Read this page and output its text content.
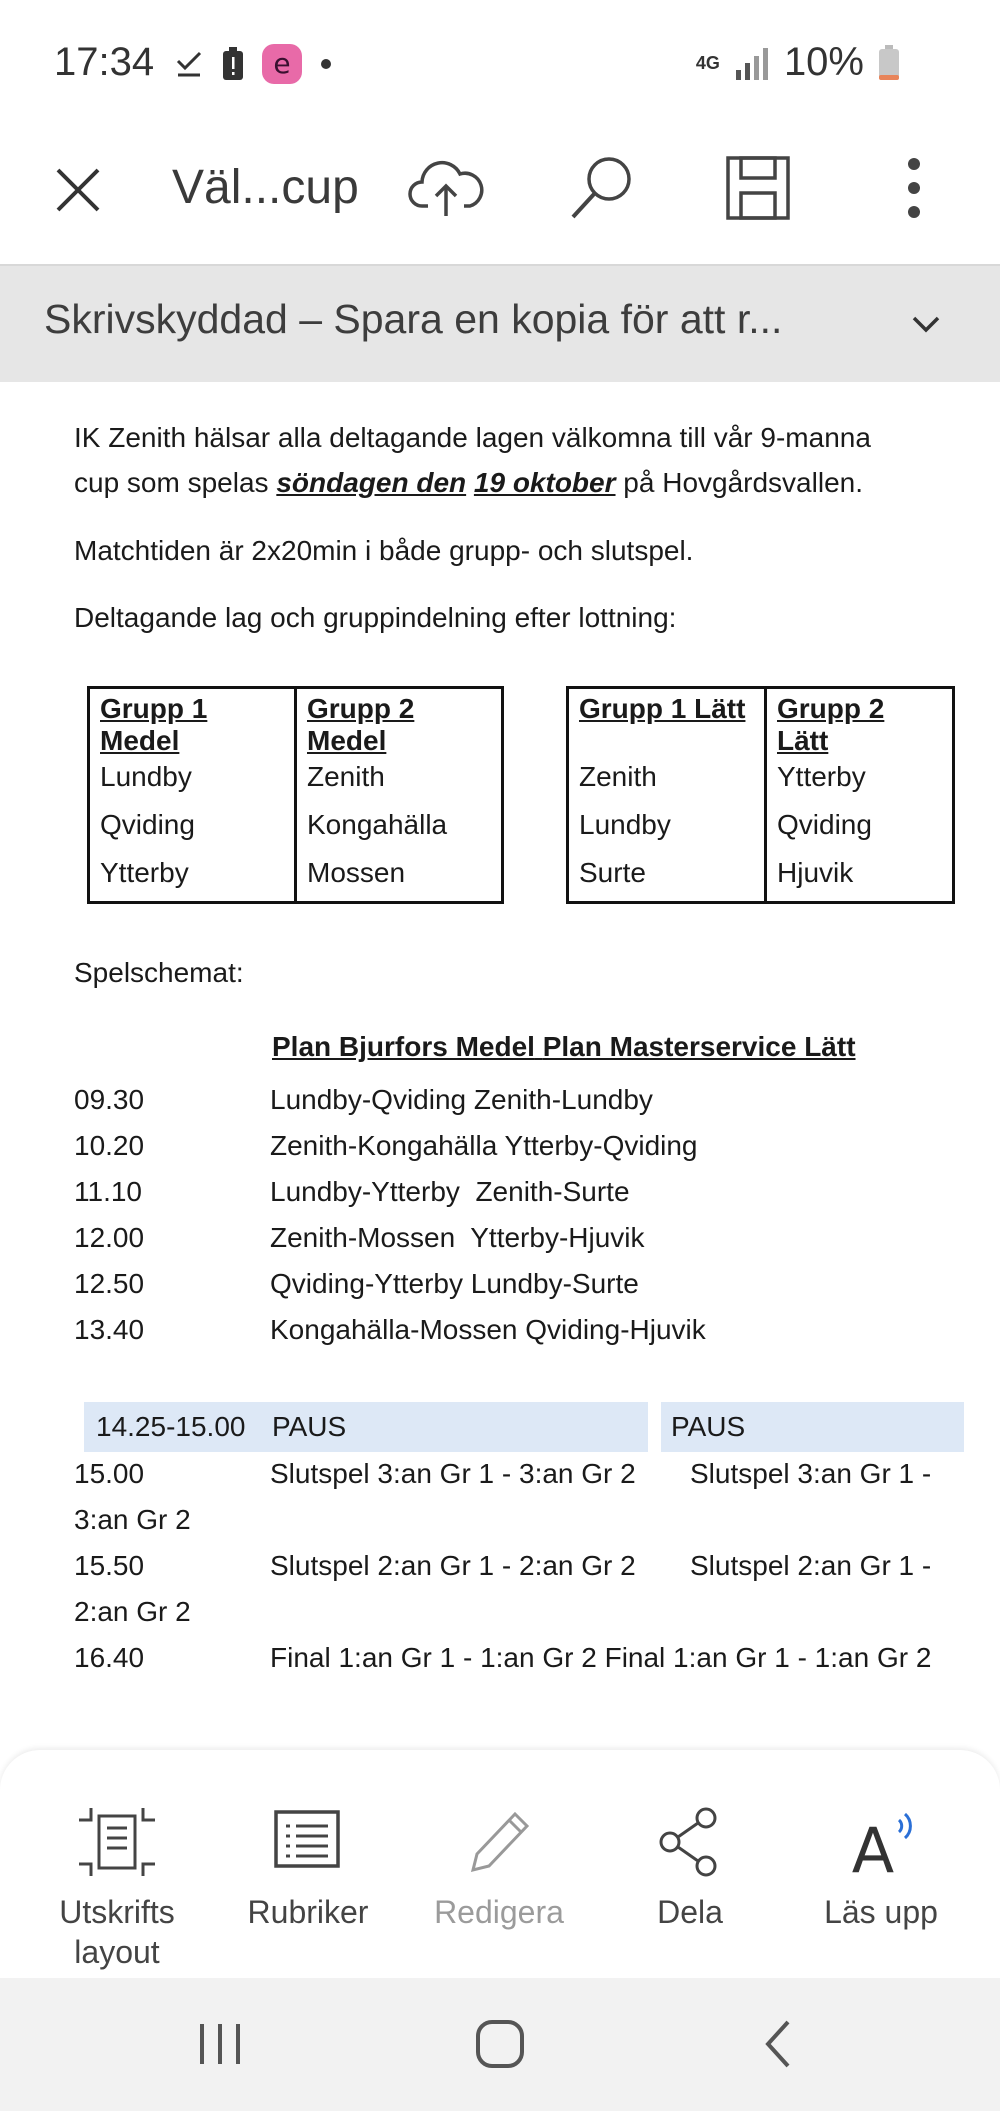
17:34	e	4G 10%
Väl...cup
Skrivskyddad – Spara en kopia för att r...
IK Zenith hälsar alla deltagande lagen välkomna till vår 9-manna
cup som spelas söndagen den 19 oktober på Hovgårdsvallen.
Matchtiden är 2x20min i både grupp- och slutspel.
Deltagande lag och gruppindelning efter lottning:
Grupp 1 Medel	Grupp 2 Medel
Lundby	Zenith
Qviding	Kongahälla
Ytterby	Mossen
Grupp 1 Lätt	Grupp 2 Lätt
Zenith	Ytterby
Lundby	Qviding
Surte	Hjuvik
Spelschemat:
Plan Bjurfors Medel Plan Masterservice Lätt
09.30	Lundby-Qviding Zenith-Lundby
10.20	Zenith-Kongahälla Ytterby-Qviding
11.10	Lundby-Ytterby  Zenith-Surte
12.00	Zenith-Mossen  Ytterby-Hjuvik
12.50	Qviding-Ytterby Lundby-Surte
13.40	Kongahälla-Mossen Qviding-Hjuvik
14.25-15.00 PAUS	PAUS
15.00	Slutspel 3:an Gr 1 - 3:an Gr 2 Slutspel 3:an Gr 1 -
3:an Gr 2
15.50	Slutspel 2:an Gr 1 - 2:an Gr 2 Slutspel 2:an Gr 1 -
2:an Gr 2
16.40	Final 1:an Gr 1 - 1:an Gr 2 Final 1:an Gr 1 - 1:an Gr 2
Utskrifts
layout
Rubriker	Redigera	Dela
A
Läs upp
